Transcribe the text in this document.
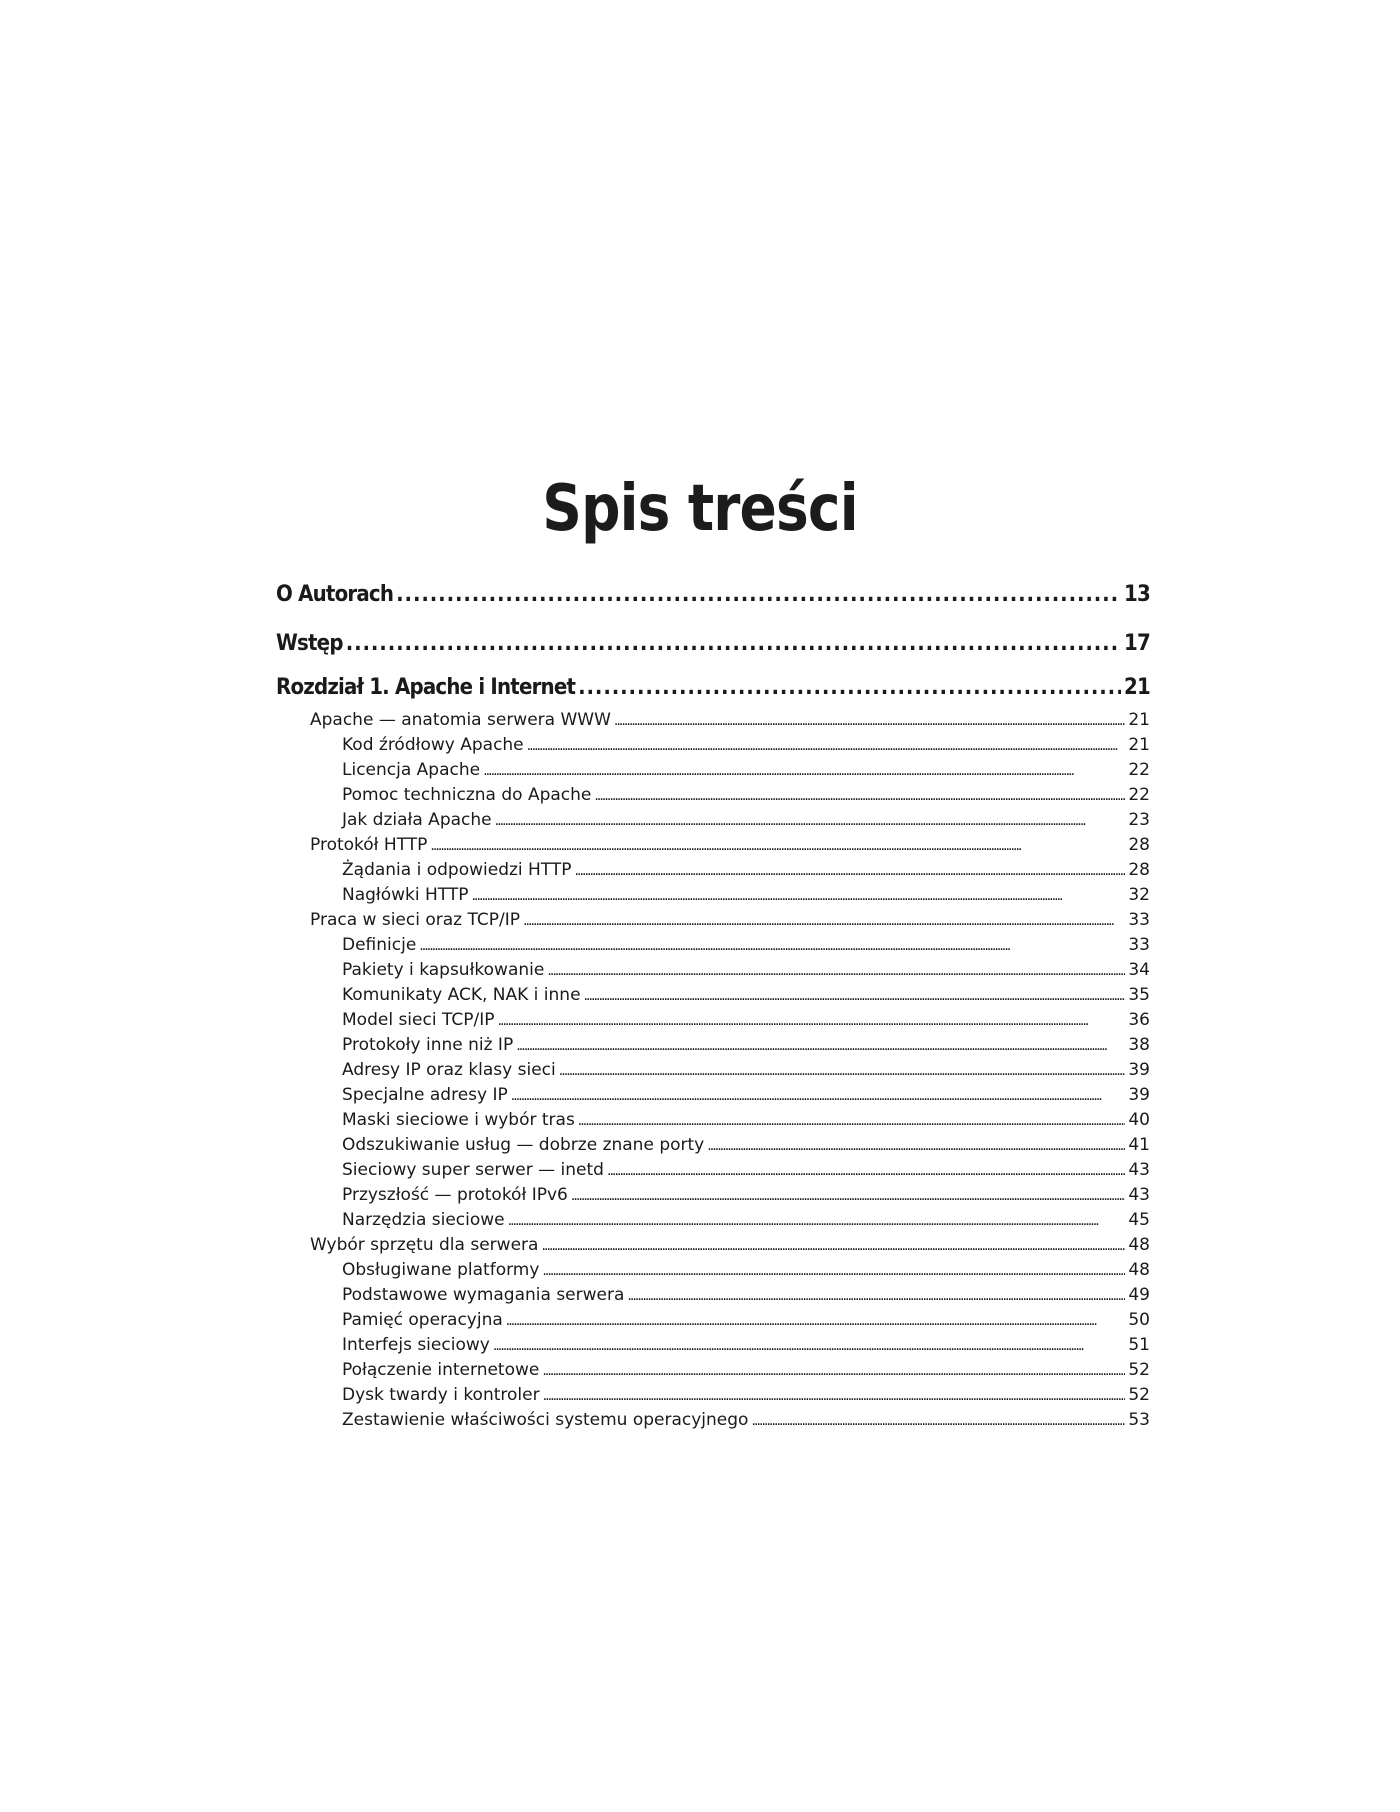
Spis treści
O Autorach . . .	13
Wstęp . . .	17
Rozdział 1. Apache i Internet . . .	21
Apache — anatomia serwera WWW . . .	21
Kod źródłowy Apache . . .	21
Licencja Apache . . .	22
Pomoc techniczna do Apache . . .	22
Jak działa Apache . . .	23
Protokół HTTP . . .	28
Żądania i odpowiedzi HTTP . . .	28
Nagłówki HTTP . . .	32
Praca w sieci oraz TCP/IP . . .	33
Definicje . . .	33
Pakiety i kapsułkowanie . . .	34
Komunikaty ACK, NAK i inne . . .	35
Model sieci TCP/IP . . .	36
Protokoły inne niż IP . . .	38
Adresy IP oraz klasy sieci . . .	39
Specjalne adresy IP . . .	39
Maski sieciowe i wybór tras . . .	40
Odszukiwanie usług — dobrze znane porty . . .	41
Sieciowy super serwer — inetd . . .	43
Przyszłość — protokół IPv6 . . .	43
Narzędzia sieciowe . . .	45
Wybór sprzętu dla serwera . . .	48
Obsługiwane platformy . . .	48
Podstawowe wymagania serwera . . .	49
Pamięć operacyjna . . .	50
Interfejs sieciowy . . .	51
Połączenie internetowe . . .	52
Dysk twardy i kontroler . . .	52
Zestawienie właściwości systemu operacyjnego . . .	53
